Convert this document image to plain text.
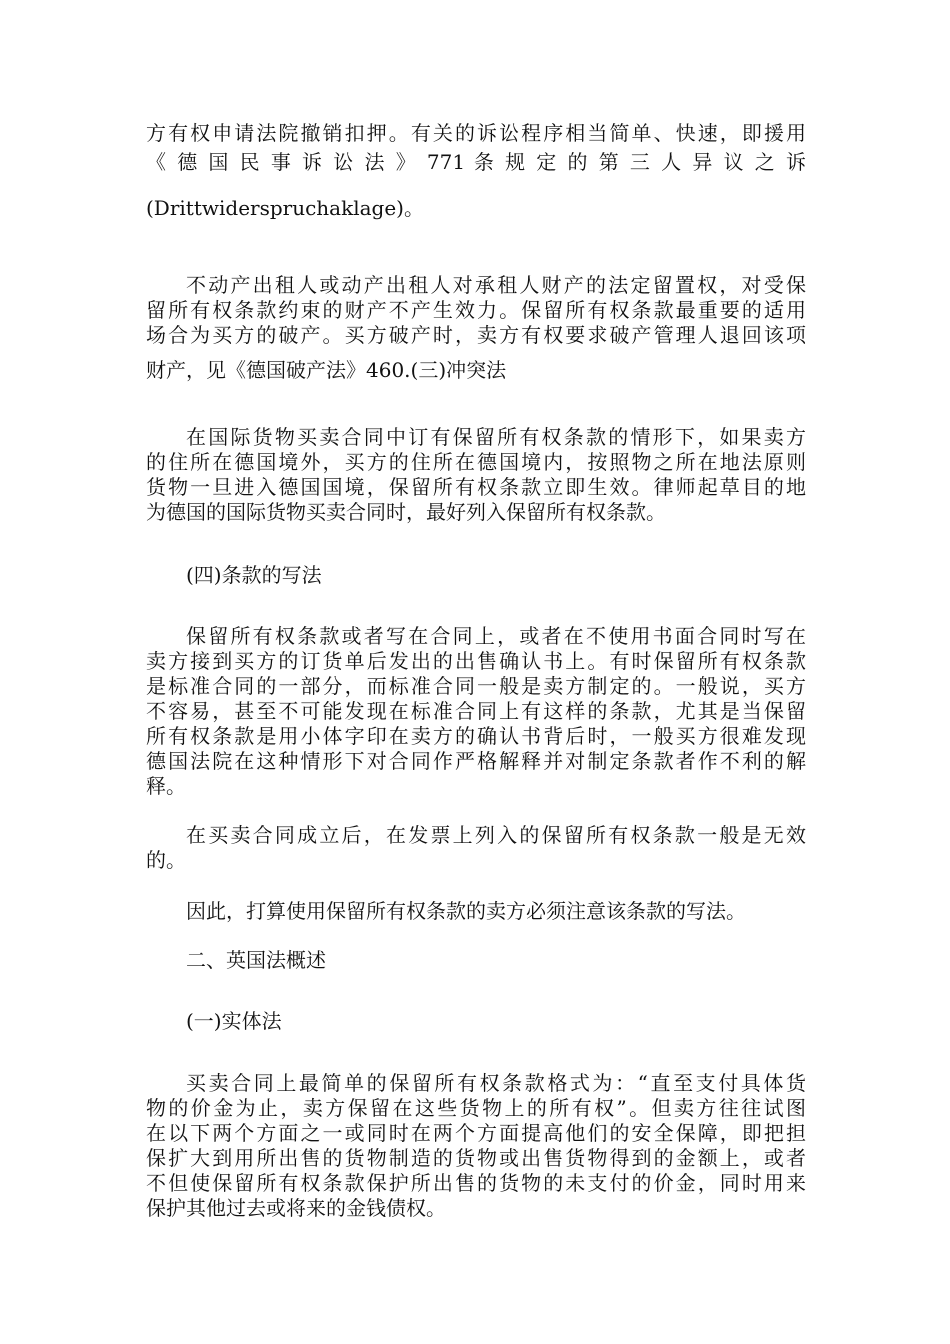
方有权申请法院撤销扣押。有关的诉讼程序相当简单、快速，即援用
《 德 国 民 事 诉 讼 法 》 771 条 规 定 的 第 三 人 异 议 之 诉
(Drittwiderspruchaklage)。
不动产出租人或动产出租人对承租人财产的法定留置权，对受保
留所有权条款约束的财产不产生效力。保留所有权条款最重要的适用
场合为买方的破产。买方破产时，卖方有权要求破产管理人退回该项
财产，见《德国破产法》460.(三)冲突法
在国际货物买卖合同中订有保留所有权条款的情形下，如果卖方
的住所在德国境外，买方的住所在德国境内，按照物之所在地法原则
货物一旦进入德国国境，保留所有权条款立即生效。律师起草目的地
为德国的国际货物买卖合同时，最好列入保留所有权条款。
(四)条款的写法
保留所有权条款或者写在合同上，或者在不使用书面合同时写在
卖方接到买方的订货单后发出的出售确认书上。有时保留所有权条款
是标准合同的一部分，而标准合同一般是卖方制定的。一般说，买方
不容易，甚至不可能发现在标准合同上有这样的条款，尤其是当保留
所有权条款是用小体字印在卖方的确认书背后时，一般买方很难发现
德国法院在这种情形下对合同作严格解释并对制定条款者作不利的解
释。
在买卖合同成立后，在发票上列入的保留所有权条款一般是无效
的。
因此，打算使用保留所有权条款的卖方必须注意该条款的写法。
二、英国法概述
(一)实体法
买卖合同上最简单的保留所有权条款格式为：“直至支付具体货
物的价金为止，卖方保留在这些货物上的所有权”。但卖方往往试图
在以下两个方面之一或同时在两个方面提高他们的安全保障，即把担
保扩大到用所出售的货物制造的货物或出售货物得到的金额上，或者
不但使保留所有权条款保护所出售的货物的未支付的价金，同时用来
保护其他过去或将来的金钱债权。
